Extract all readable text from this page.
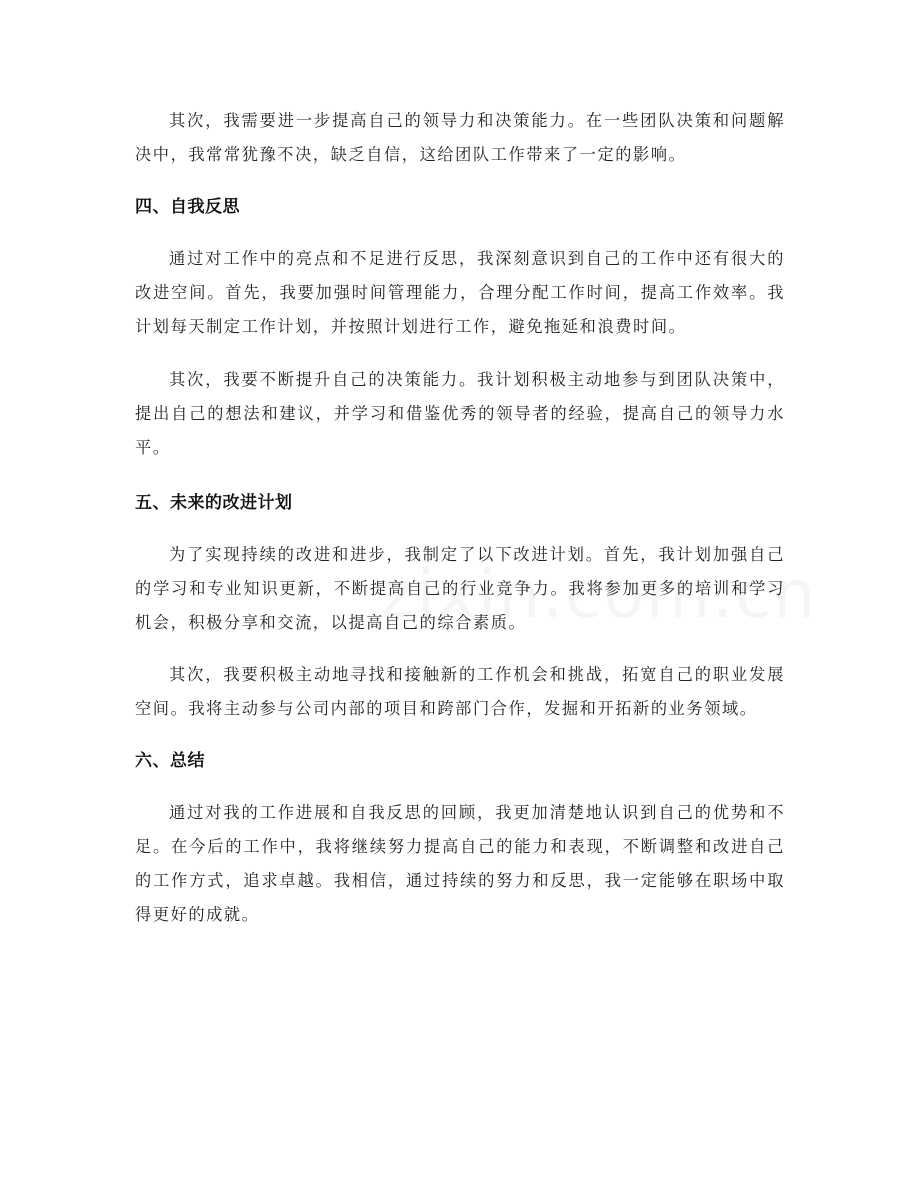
其次，我需要进一步提高自己的领导力和决策能力。在一些团队决策和问题解决中，我常常犹豫不决，缺乏自信，这给团队工作带来了一定的影响。

四、自我反思

通过对工作中的亮点和不足进行反思，我深刻意识到自己的工作中还有很大的改进空间。首先，我要加强时间管理能力，合理分配工作时间，提高工作效率。我计划每天制定工作计划，并按照计划进行工作，避免拖延和浪费时间。

其次，我要不断提升自己的决策能力。我计划积极主动地参与到团队决策中，提出自己的想法和建议，并学习和借鉴优秀的领导者的经验，提高自己的领导力水平。

五、未来的改进计划

为了实现持续的改进和进步，我制定了以下改进计划。首先，我计划加强自己的学习和专业知识更新，不断提高自己的行业竞争力。我将参加更多的培训和学习机会，积极分享和交流，以提高自己的综合素质。

其次，我要积极主动地寻找和接触新的工作机会和挑战，拓宽自己的职业发展空间。我将主动参与公司内部的项目和跨部门合作，发掘和开拓新的业务领域。

六、总结

通过对我的工作进展和自我反思的回顾，我更加清楚地认识到自己的优势和不足。在今后的工作中，我将继续努力提高自己的能力和表现，不断调整和改进自己的工作方式，追求卓越。我相信，通过持续的努力和反思，我一定能够在职场中取得更好的成就。
